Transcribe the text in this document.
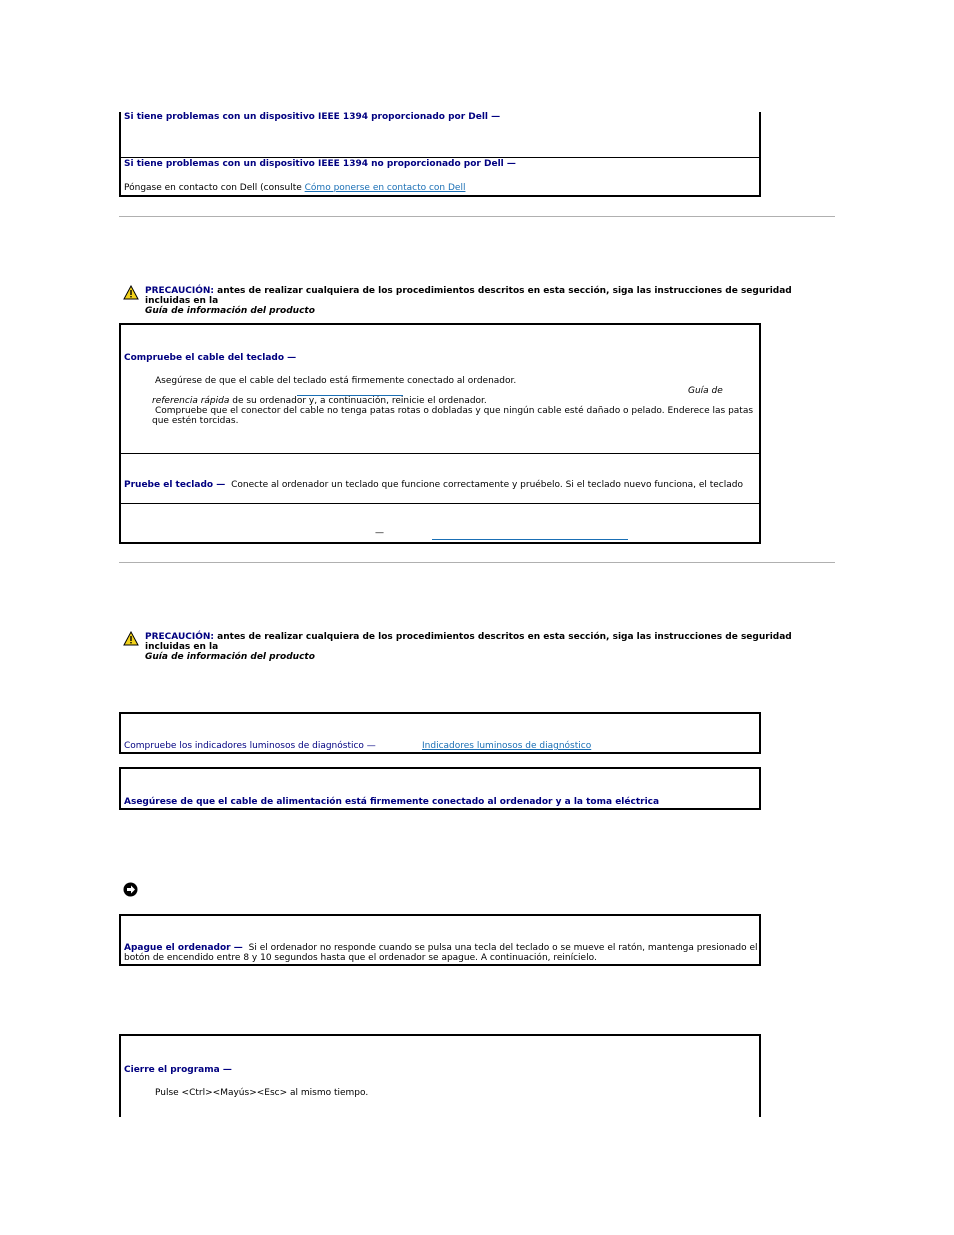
Si tiene problemas con un dispositivo IEEE 1394 proporcionado por Dell —
Si tiene problemas con un dispositivo IEEE 1394 no proporcionado por Dell —
Póngase en contacto con Dell (consulte Cómo ponerse en contacto con Dell
PRECAUCIÓN: antes de realizar cualquiera de los procedimientos descritos en esta sección, siga las instrucciones de seguridad incluidas en la
Guía de información del producto
Compruebe el cable del teclado —
Asegúrese de que el cable del teclado está firmemente conectado al ordenador.
Guía de
referencia rápida de su ordenador y, a continuación, reinicie el ordenador.
Compruebe que el conector del cable no tenga patas rotas o dobladas y que ningún cable esté dañado o pelado. Enderece las patas
que estén torcidas.
Pruebe el teclado — Conecte al ordenador un teclado que funcione correctamente y pruébelo. Si el teclado nuevo funciona, el teclado
—
PRECAUCIÓN: antes de realizar cualquiera de los procedimientos descritos en esta sección, siga las instrucciones de seguridad incluidas en la
Guía de información del producto
Compruebe los indicadores luminosos de diagnóstico —	Indicadores luminosos de diagnóstico
Asegúrese de que el cable de alimentación está firmemente conectado al ordenador y a la toma eléctrica
Apague el ordenador — Si el ordenador no responde cuando se pulsa una tecla del teclado o se mueve el ratón, mantenga presionado el
botón de encendido entre 8 y 10 segundos hasta que el ordenador se apague. A continuación, reinícielo.
Cierre el programa —
Pulse <Ctrl><Mayús><Esc> al mismo tiempo.
